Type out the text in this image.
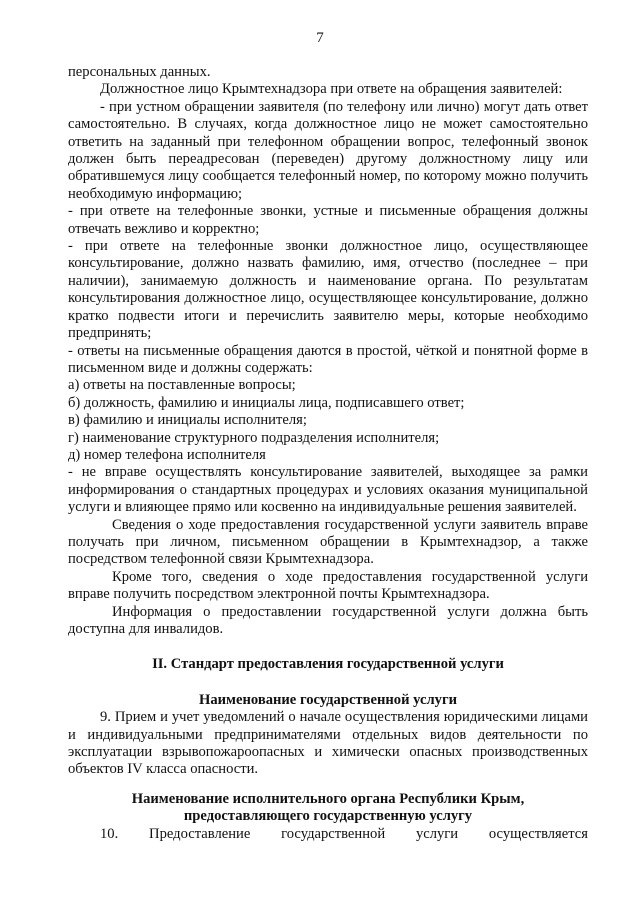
7

персональных данных.

Должностное лицо Крымтехнадзора при ответе на обращения заявителей:

- при устном обращении заявителя (по телефону или лично) могут дать ответ самостоятельно. В случаях, когда должностное лицо не может самостоятельно ответить на заданный при телефонном обращении вопрос, телефонный звонок должен быть переадресован (переведен) другому должностному лицу или обратившемуся лицу сообщается телефонный номер, по которому можно получить необходимую информацию;

- при ответе на телефонные звонки, устные и письменные обращения должны отвечать вежливо и корректно;

- при ответе на телефонные звонки должностное лицо, осуществляющее консультирование, должно назвать фамилию, имя, отчество (последнее – при наличии), занимаемую должность и наименование органа. По результатам консультирования должностное лицо, осуществляющее консультирование, должно кратко подвести итоги и перечислить заявителю меры, которые необходимо предпринять;

- ответы на письменные обращения даются в простой, чёткой и понятной форме в письменном виде и должны содержать:

а) ответы на поставленные вопросы;

б) должность, фамилию и инициалы лица, подписавшего ответ;

в) фамилию и инициалы исполнителя;

г) наименование структурного подразделения исполнителя;

д) номер телефона исполнителя

- не вправе осуществлять консультирование заявителей, выходящее за рамки информирования о стандартных процедурах и условиях оказания муниципальной услуги и влияющее прямо или косвенно на индивидуальные решения заявителей.

Сведения о ходе предоставления государственной услуги заявитель вправе получать при личном, письменном обращении в Крымтехнадзор, а также посредством телефонной связи Крымтехнадзора.

Кроме того, сведения о ходе предоставления государственной услуги вправе получить посредством электронной почты Крымтехнадзора.

Информация о предоставлении государственной услуги должна быть доступна для инвалидов.

II. Стандарт предоставления государственной услуги

Наименование государственной услуги

9. Прием и учет уведомлений о начале осуществления юридическими лицами и индивидуальными предпринимателями отдельных видов деятельности по эксплуатации взрывопожароопасных и химически опасных производственных объектов IV класса опасности.

Наименование исполнительного органа Республики Крым,

предоставляющего государственную услугу

10. Предоставление государственной услуги осуществляется
